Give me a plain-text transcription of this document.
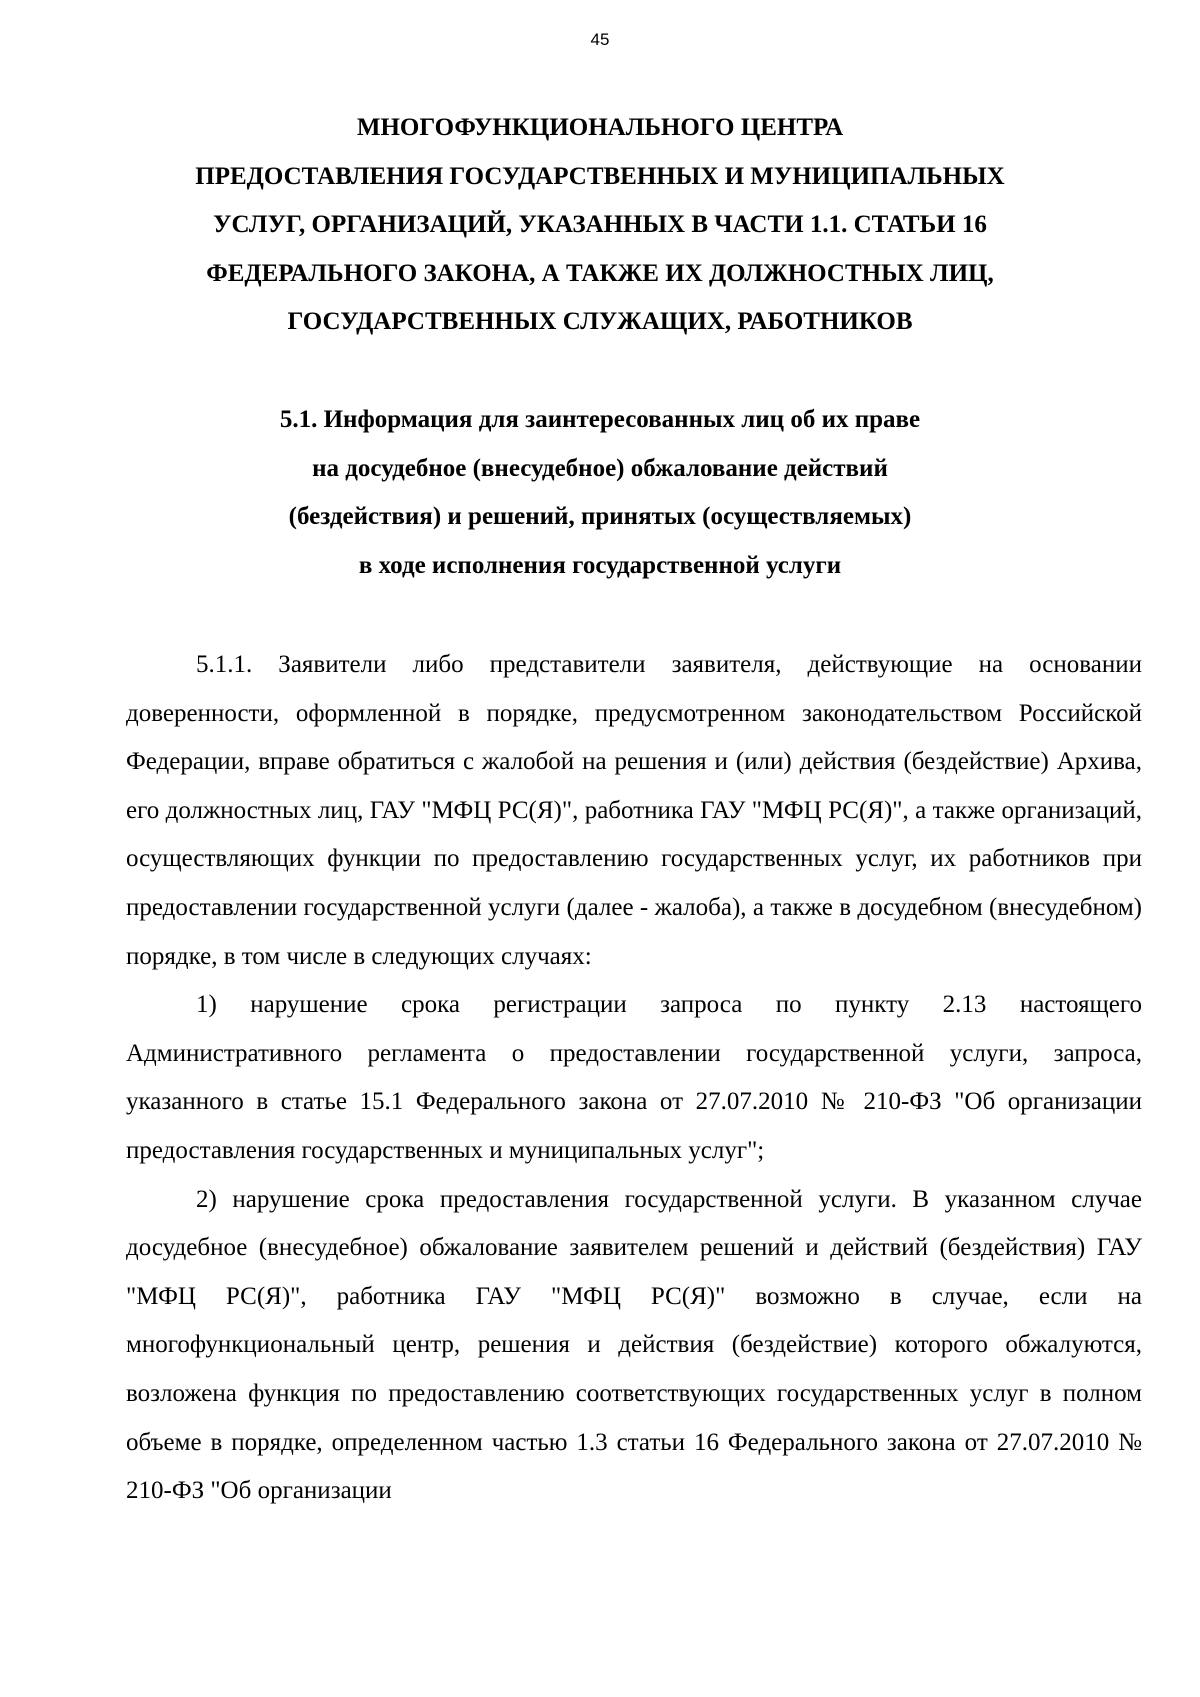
45
МНОГОФУНКЦИОНАЛЬНОГО ЦЕНТРА
ПРЕДОСТАВЛЕНИЯ ГОСУДАРСТВЕННЫХ И МУНИЦИПАЛЬНЫХ
УСЛУГ, ОРГАНИЗАЦИЙ, УКАЗАННЫХ В ЧАСТИ 1.1. СТАТЬИ 16
ФЕДЕРАЛЬНОГО ЗАКОНА, А ТАКЖЕ ИХ ДОЛЖНОСТНЫХ ЛИЦ,
ГОСУДАРСТВЕННЫХ СЛУЖАЩИХ, РАБОТНИКОВ
5.1. Информация для заинтересованных лиц об их праве
на досудебное (внесудебное) обжалование действий
(бездействия) и решений, принятых (осуществляемых)
в ходе исполнения государственной услуги

5.1.1. Заявители либо представители заявителя, действующие на основании доверенности, оформленной в порядке, предусмотренном законодательством Российской Федерации, вправе обратиться с жалобой на решения и (или) действия (бездействие) Архива, его должностных лиц, ГАУ "МФЦ РС(Я)", работника ГАУ "МФЦ РС(Я)", а также организаций, осуществляющих функции по предоставлению государственных услуг, их работников при предоставлении государственной услуги (далее - жалоба), а также в досудебном (внесудебном) порядке, в том числе в следующих случаях:

1) нарушение срока регистрации запроса по пункту 2.13 настоящего Административного регламента о предоставлении государственной услуги, запроса, указанного в статье 15.1 Федерального закона от 27.07.2010 № 210-ФЗ "Об организации предоставления государственных и муниципальных услуг";

2) нарушение срока предоставления государственной услуги. В указанном случае досудебное (внесудебное) обжалование заявителем решений и действий (бездействия) ГАУ "МФЦ РС(Я)", работника ГАУ "МФЦ РС(Я)" возможно в случае, если на многофункциональный центр, решения и действия (бездействие) которого обжалуются, возложена функция по предоставлению соответствующих государственных услуг в полном объеме в порядке, определенном частью 1.3 статьи 16 Федерального закона от 27.07.2010 № 210-ФЗ "Об организации
